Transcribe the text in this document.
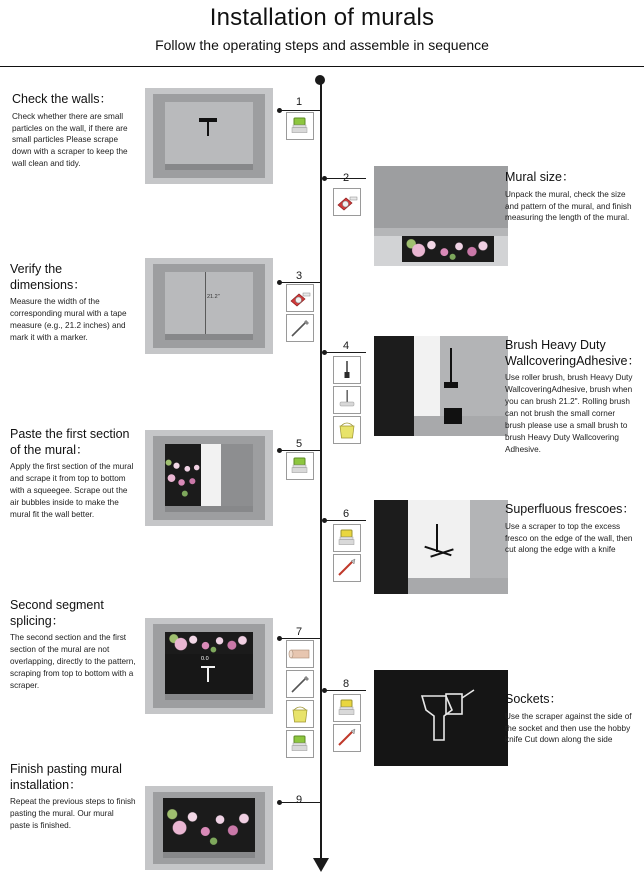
Installation of murals
Follow the operating steps and assemble in sequence
Check the walls：
Check whether there are small particles on the wall, if there are small particles Please scrape down with a scraper to keep the wall clean and tidy.
1
2	Mural size：
Unpack the mural, check the size and pattern of the mural, and finish measuring the length of the mural.
Verify the dimensions：
Measure the width of the corresponding mural with a tape measure (e.g., 21.2 inches) and mark it with a marker.
21.2"
3
4	Brush Heavy Duty WallcoveringAdhesive：
Use roller brush, brush Heavy Duty WallcoveringAdhesive, brush when you can brush 21.2". Rolling brush can not brush the small corner brush please use a small brush to brush Heavy Duty Wallcovering Adhesive.
Paste the first section of the mural：
Apply the first section of the mural and scrape it from top to bottom with a squeegee. Scrape out the air bubbles inside to make the mural fit the wall better.
5
6	Superfluous frescoes：
Use a scraper to top the excess fresco on the edge of the wall, then cut along the edge with a knife
Second segment splicing：
The second section and the first section of the mural are not overlapping, directly to the pattern, scraping from top to bottom with a scraper.
0.0
7
8
Sockets：
Use the scraper against the side of the socket and then use the hobby knife Cut down along the side
Finish pasting mural installation：
Repeat the previous steps to finish pasting the mural. Our mural paste is finished.
9
